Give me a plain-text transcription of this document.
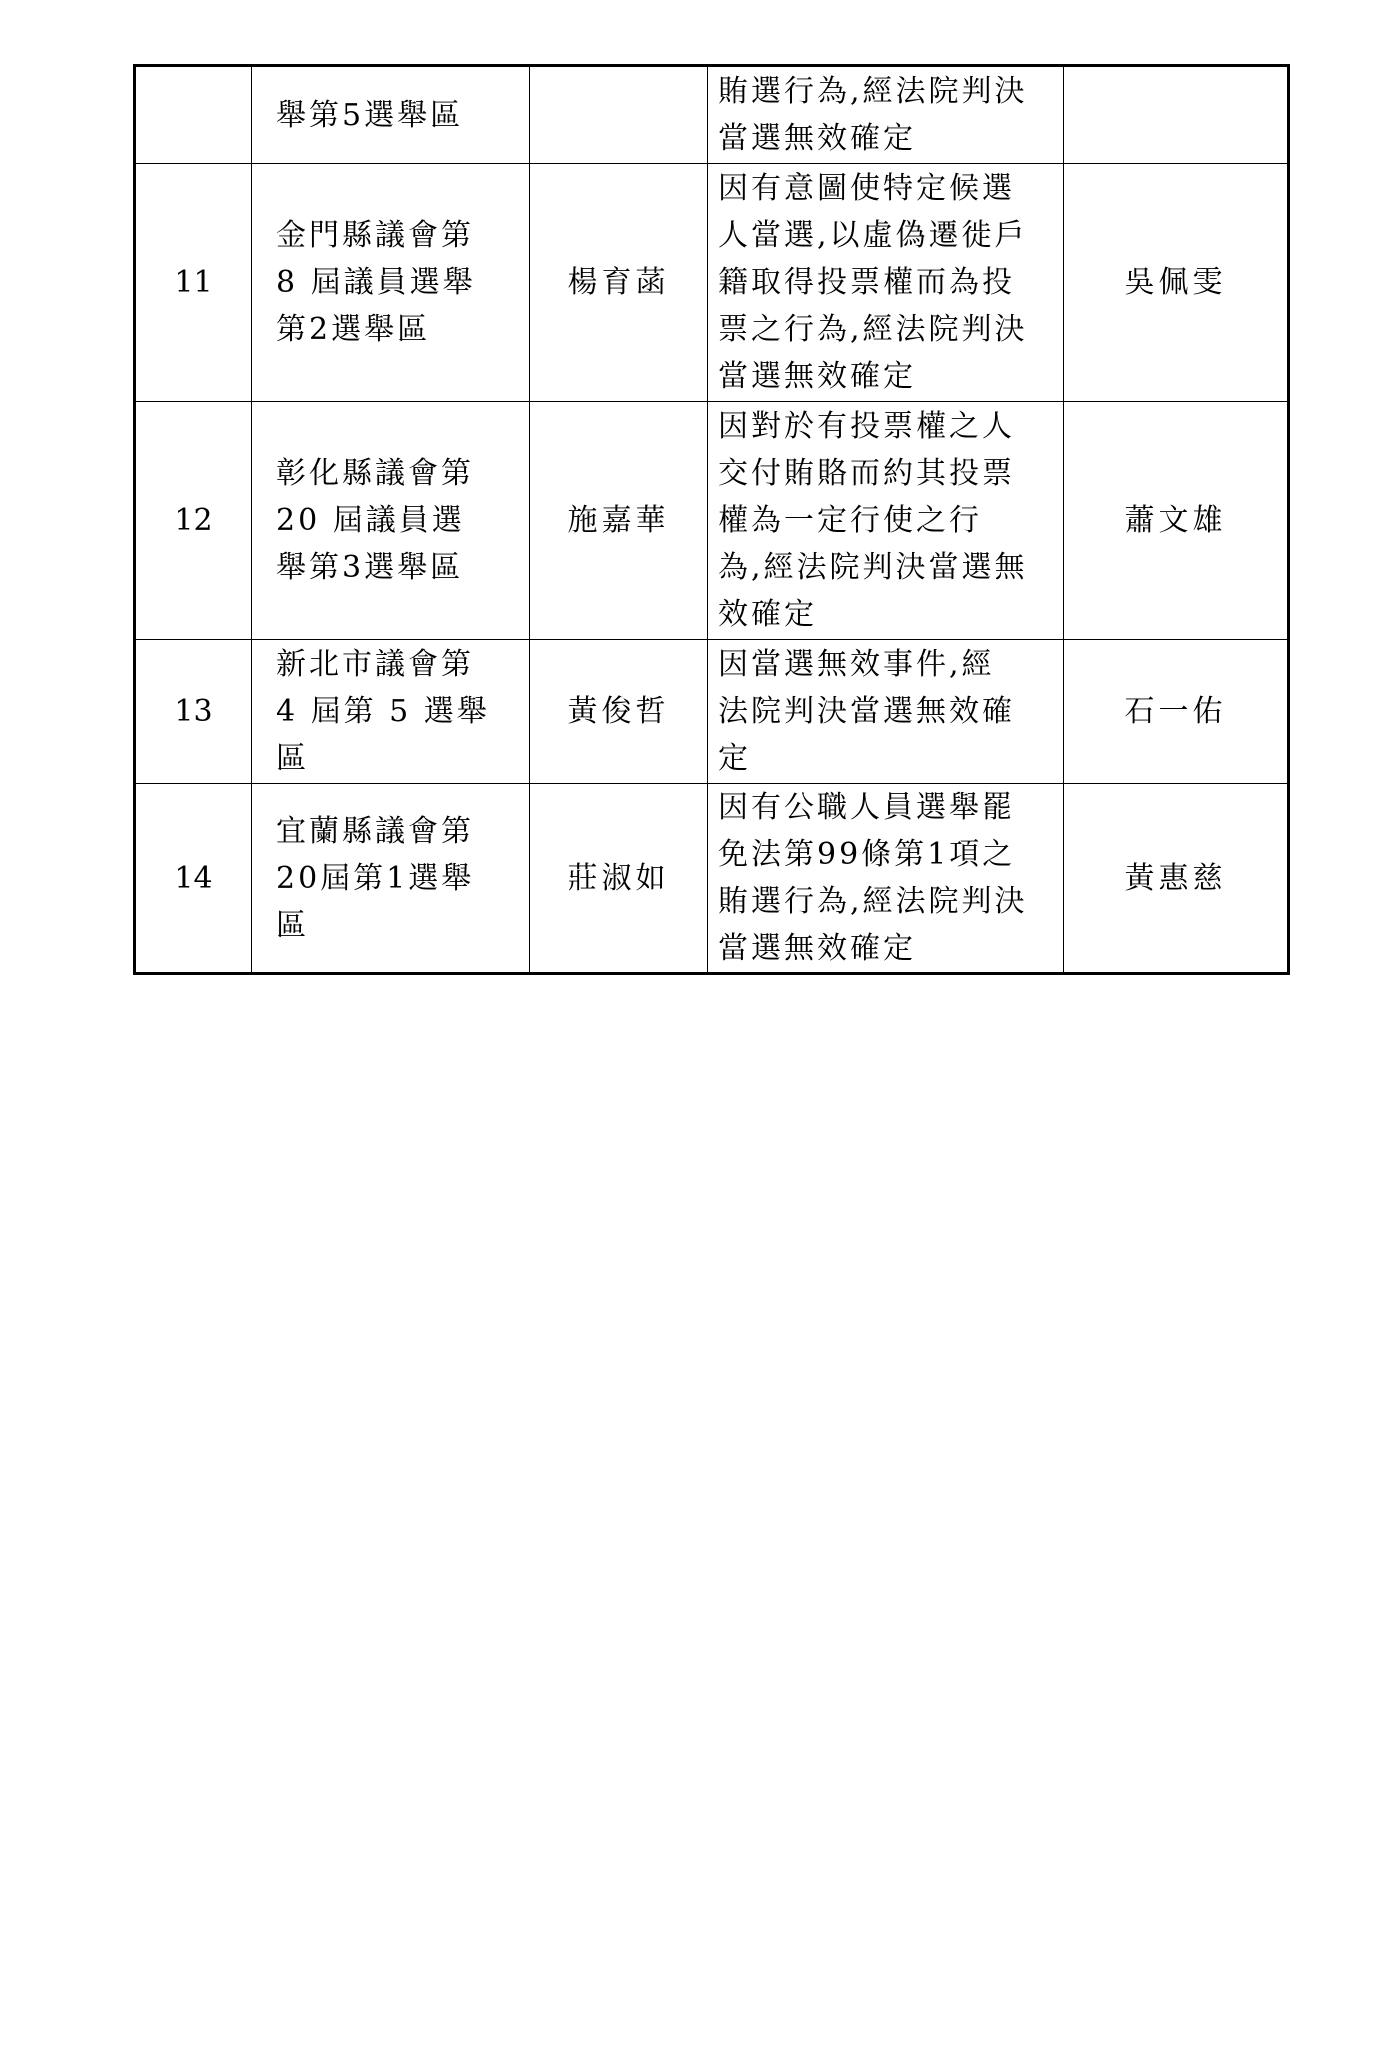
	舉第5選舉區		賄選行為,經法院判決
當選無效確定	

11	金門縣議會第
8 屆議員選舉
第2選舉區	楊育菡	因有意圖使特定候選
人當選,以虛偽遷徙戶
籍取得投票權而為投
票之行為,經法院判決
當選無效確定	吳佩雯
12	彰化縣議會第
20 屆議員選
舉第3選舉區	施嘉華	因對於有投票權之人
交付賄賂而約其投票
權為一定行使之行
為,經法院判決當選無
效確定	蕭文雄
13	新北市議會第
4 屆第 5 選舉
區	黃俊哲	因當選無效事件,經
法院判決當選無效確
定	石一佑
14	宜蘭縣議會第
20屆第1選舉
區	莊淑如	因有公職人員選舉罷
免法第99條第1項之
賄選行為,經法院判決
當選無效確定	黃惠慈
